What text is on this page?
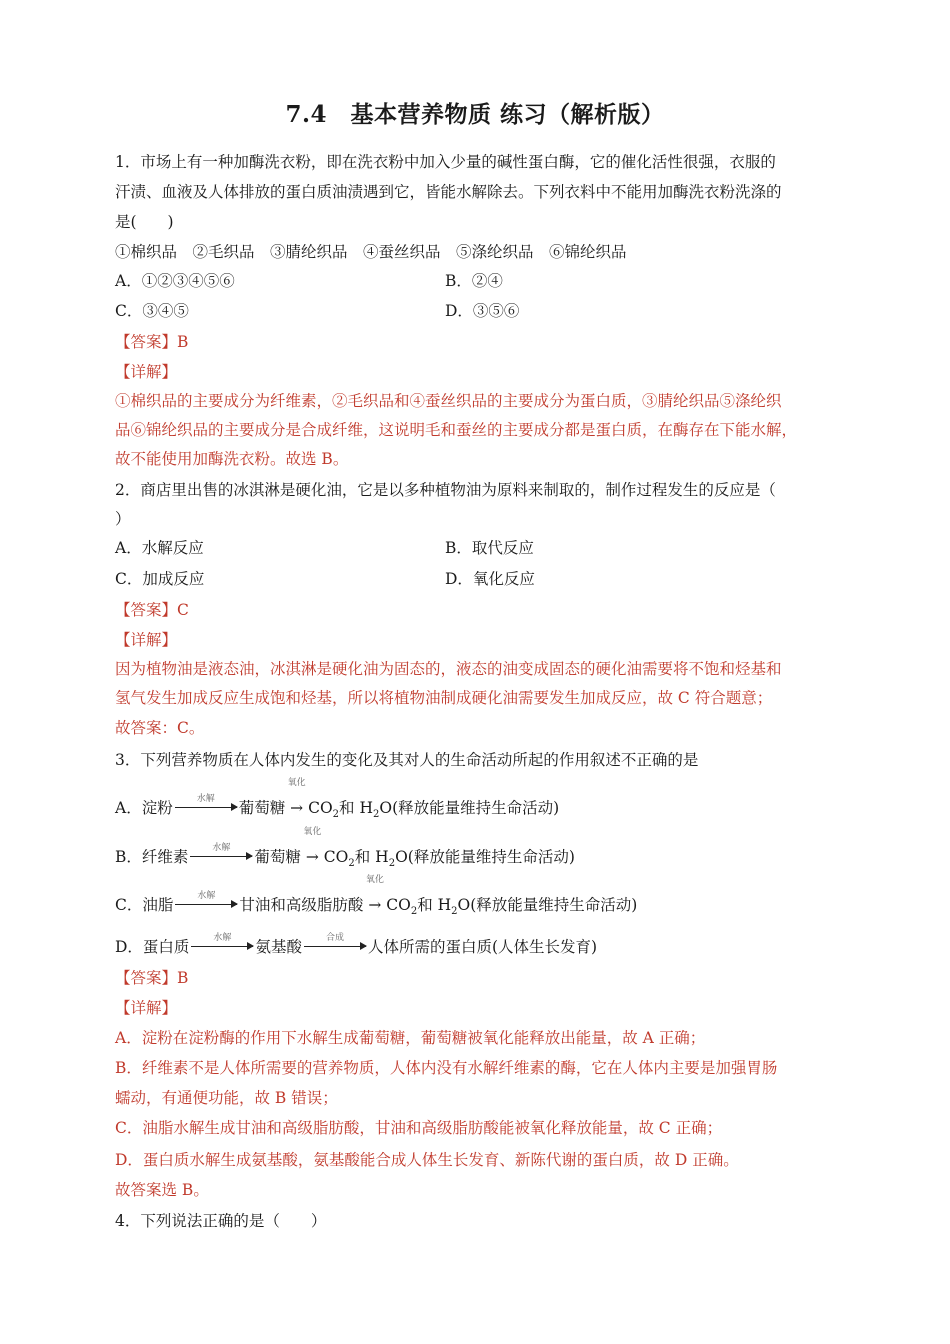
7.4　基本营养物质 练习（解析版）
1．市场上有一种加酶洗衣粉，即在洗衣粉中加入少量的碱性蛋白酶，它的催化活性很强，衣服的
汗渍、血液及人体排放的蛋白质油渍遇到它，皆能水解除去。下列衣料中不能用加酶洗衣粉洗涤的
是(　　)
①棉织品　②毛织品　③腈纶织品　④蚕丝织品　⑤涤纶织品　⑥锦纶织品
A．①②③④⑤⑥	B．②④
C．③④⑤	D．③⑤⑥
【答案】B
【详解】
①棉织品的主要成分为纤维素，②毛织品和④蚕丝织品的主要成分为蛋白质，③腈纶织品⑤涤纶织
品⑥锦纶织品的主要成分是合成纤维，这说明毛和蚕丝的主要成分都是蛋白质，在酶存在下能水解，
故不能使用加酶洗衣粉。故选 B。
2．商店里出售的冰淇淋是硬化油，它是以多种植物油为原料来制取的，制作过程发生的反应是（
）
A．水解反应	B．取代反应
C．加成反应	D．氧化反应
【答案】C
【详解】
因为植物油是液态油，冰淇淋是硬化油为固态的，液态的油变成固态的硬化油需要将不饱和烃基和
氢气发生加成反应生成饱和烃基，所以将植物油制成硬化油需要发生加成反应，故 C 符合题意；
故答案：C。
3．下列营养物质在人体内发生的变化及其对人的生命活动所起的作用叙述不正确的是
A．淀粉	水解	葡萄糖 →
氧化
$CO_2$和 $H_2O$(释放能量维持生命活动)
B．纤维素	水解	葡萄糖 →
氧化
$CO_2$和 $H_2O$(释放能量维持生命活动)
C．油脂	水解	甘油和高级脂肪酸 →
氧化
$CO_2$和 $H_2O$(释放能量维持生命活动)
D．蛋白质	水解	氨基酸	合成	人体所需的蛋白质(人体生长发育)
【答案】B
【详解】
A．淀粉在淀粉酶的作用下水解生成葡萄糖，葡萄糖被氧化能释放出能量，故 A 正确；
B．纤维素不是人体所需要的营养物质，人体内没有水解纤维素的酶，它在人体内主要是加强胃肠
蠕动，有通便功能，故 B 错误；
C．油脂水解生成甘油和高级脂肪酸，甘油和高级脂肪酸能被氧化释放能量，故 C 正确；
D．蛋白质水解生成氨基酸，氨基酸能合成人体生长发育、新陈代谢的蛋白质，故 D 正确。
故答案选 B。
4．下列说法正确的是（　　）
